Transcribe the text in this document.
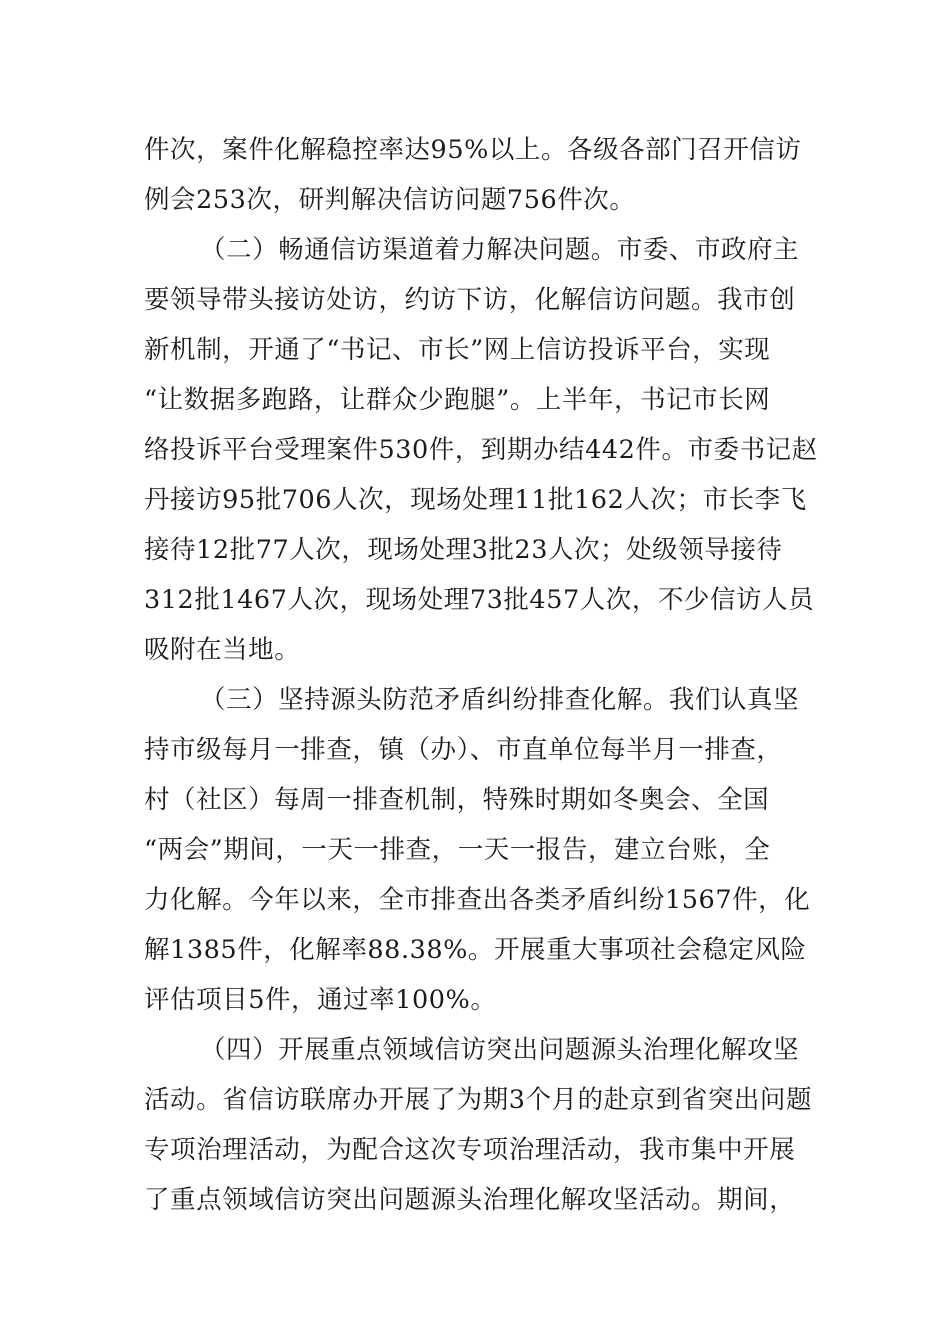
件次，案件化解稳控率达95%以上。各级各部门召开信访
例会253次，研判解决信访问题756件次。
（二）畅通信访渠道着力解决问题。市委、市政府主
要领导带头接访处访，约访下访，化解信访问题。我市创
新机制，开通了“书记、市长”网上信访投诉平台，实现
“让数据多跑路，让群众少跑腿”。上半年，书记市长网
络投诉平台受理案件530件，到期办结442件。市委书记赵
丹接访95批706人次，现场处理11批162人次；市长李飞
接待12批77人次，现场处理3批23人次；处级领导接待
312批1467人次，现场处理73批457人次，不少信访人员
吸附在当地。
（三）坚持源头防范矛盾纠纷排查化解。我们认真坚
持市级每月一排查，镇（办）、市直单位每半月一排查，
村（社区）每周一排查机制，特殊时期如冬奥会、全国
“两会”期间，一天一排查，一天一报告，建立台账，全
力化解。今年以来，全市排查出各类矛盾纠纷1567件，化
解1385件，化解率88.38%。开展重大事项社会稳定风险
评估项目5件，通过率100%。
（四）开展重点领域信访突出问题源头治理化解攻坚
活动。省信访联席办开展了为期3个月的赴京到省突出问题
专项治理活动，为配合这次专项治理活动，我市集中开展
了重点领域信访突出问题源头治理化解攻坚活动。期间，
